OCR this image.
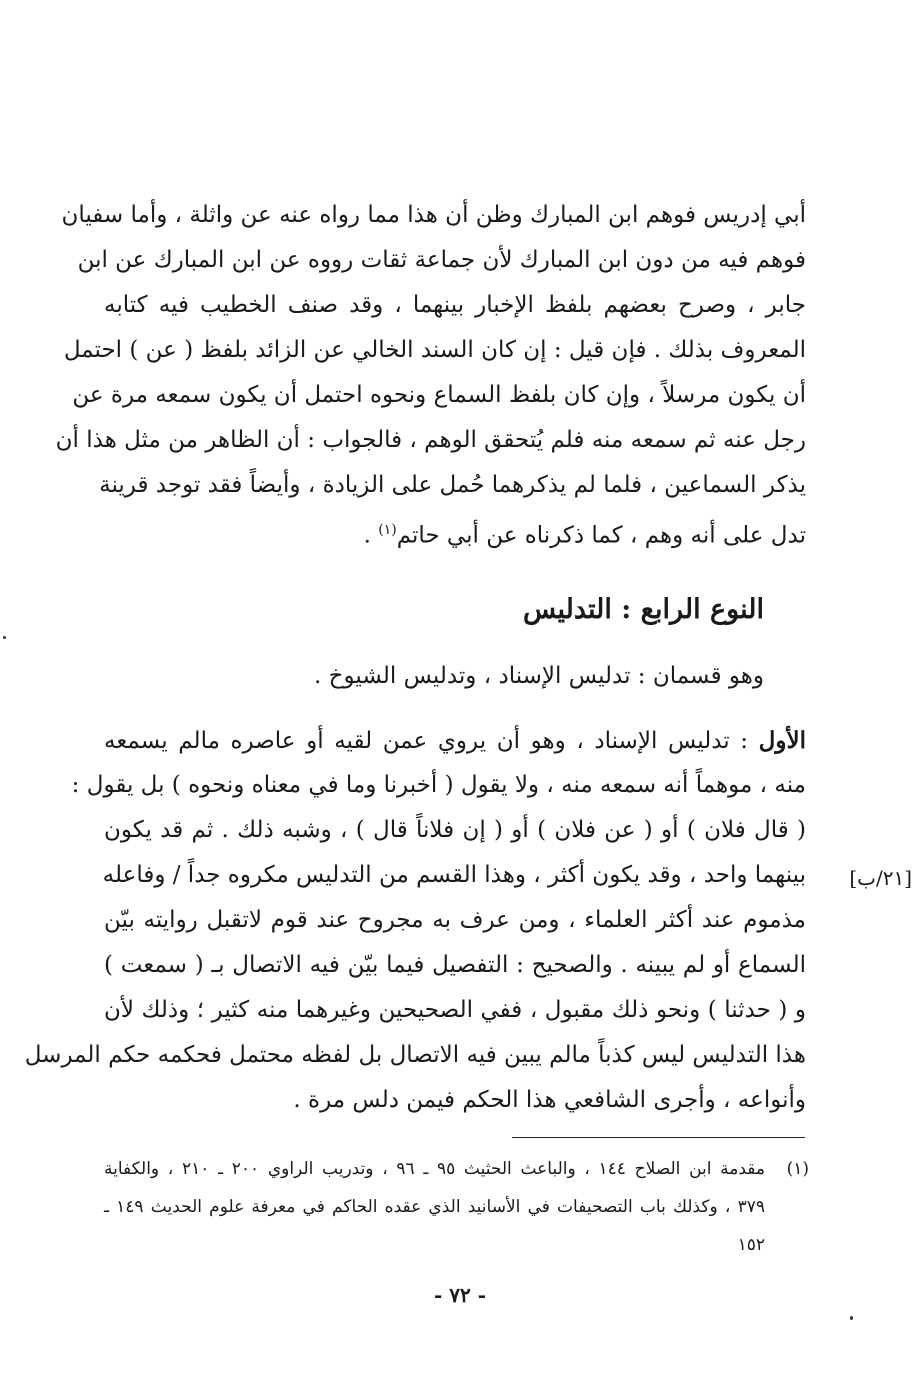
أبي إدريس فوهم ابن المبارك وظن أن هذا مما رواه عنه عن واثلة ، وأما سفيان
فوهم فيه من دون ابن المبارك لأن جماعة ثقات رووه عن ابن المبارك عن ابن
جابر ، وصرح بعضهم بلفظ الإخبار بينهما ، وقد صنف الخطيب فيه كتابه
المعروف بذلك . فإن قيل : إن كان السند الخالي عن الزائد بلفظ ( عن ) احتمل
أن يكون مرسلاً ، وإن كان بلفظ السماع ونحوه احتمل أن يكون سمعه مرة عن
رجل عنه ثم سمعه منه فلم يُتحقق الوهم ، فالجواب : أن الظاهر من مثل هذا أن
يذكر السماعين ، فلما لم يذكرهما حُمل على الزيادة ، وأيضاً فقد توجد قرينة
تدل على أنه وهم ، كما ذكرناه عن أبي حاتم$^{(١)}$ .
النوع الرابع : التدليس
وهو قسمان : تدليس الإسناد ، وتدليس الشيوخ .
الأول : تدليس الإسناد ، وهو أن يروي عمن لقيه أو عاصره مالم يسمعه
منه ، موهماً أنه سمعه منه ، ولا يقول ( أخبرنا وما في معناه ونحوه ) بل يقول :
( قال فلان ) أو ( عن فلان ) أو ( إن فلاناً قال ) ، وشبه ذلك . ثم قد يكون
بينهما واحد ، وقد يكون أكثر ، وهذا القسم من التدليس مكروه جداً / وفاعله
مذموم عند أكثر العلماء ، ومن عرف به مجروح عند قوم لاتقبل روايته بيّن
السماع أو لم يبينه . والصحيح : التفصيل فيما بيّن فيه الاتصال بـ ( سمعت )
و ( حدثنا ) ونحو ذلك مقبول ، ففي الصحيحين وغيرهما منه كثير ؛ وذلك لأن
هذا التدليس ليس كذباً مالم يبين فيه الاتصال بل لفظه محتمل فحكمه حكم المرسل
وأنواعه ، وأجرى الشافعي هذا الحكم فيمن دلس مرة .
[٢١/ب]
(١)مقدمة ابن الصلاح ١٤٤ ، والباعث الحثيث ٩٥ ـ ٩٦ ، وتدريب الراوي ٢٠٠ ـ ٢١٠ ، والكفاية
٣٧٩ ، وكذلك باب التصحيفات في الأسانيد الذي عقده الحاكم في معرفة علوم الحديث ١٤٩ ـ
١٥٢
- ٧٢ -
